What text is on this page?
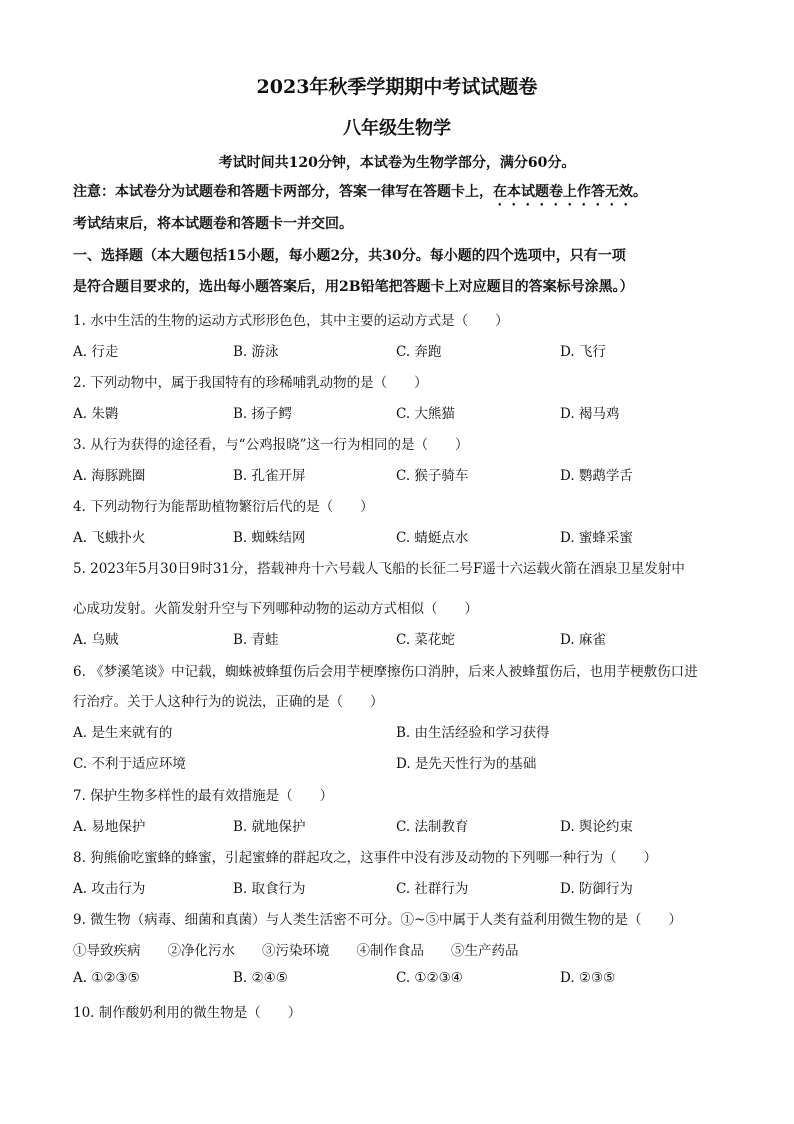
2023年秋季学期期中考试试题卷
八年级生物学
考试时间共120分钟，本试卷为生物学部分，满分60分。
注意：本试卷分为试题卷和答题卡两部分，答案一律写在答题卡上，在本试题卷上作答无效。
考试结束后，将本试题卷和答题卡一并交回。
一、选择题（本大题包括15小题，每小题2分，共30分。每小题的四个选项中，只有一项
是符合题目要求的，选出每小题答案后，用2B铅笔把答题卡上对应题目的答案标号涂黑。）
1. 水中生活的生物的运动方式形形色色，其中主要的运动方式是（　　）
A. 行走	B. 游泳	C. 奔跑	D. 飞行
2. 下列动物中，属于我国特有的珍稀哺乳动物的是（　　）
A. 朱鹮	B. 扬子鳄	C. 大熊猫	D. 褐马鸡
3. 从行为获得的途径看，与“公鸡报晓”这一行为相同的是（　　）
A. 海豚跳圈	B. 孔雀开屏	C. 猴子骑车	D. 鹦鹉学舌
4. 下列动物行为能帮助植物繁衍后代的是（　　）
A. 飞蛾扑火	B. 蜘蛛结网	C. 蜻蜓点水	D. 蜜蜂采蜜
5. 2023年5月30日9时31分，搭载神舟十六号载人飞船的长征二号F遥十六运载火箭在酒泉卫星发射中
心成功发射。火箭发射升空与下列哪种动物的运动方式相似（　　）
A. 乌贼	B. 青蛙	C. 菜花蛇	D. 麻雀
6. 《梦溪笔谈》中记载，蜘蛛被蜂蜇伤后会用芋梗摩擦伤口消肿，后来人被蜂蜇伤后，也用芋梗敷伤口进
行治疗。关于人这种行为的说法，正确的是（　　）
A. 是生来就有的	B. 由生活经验和学习获得
C. 不利于适应环境	D. 是先天性行为的基础
7. 保护生物多样性的最有效措施是（　　）
A. 易地保护	B. 就地保护	C. 法制教育	D. 舆论约束
8. 狗熊偷吃蜜蜂的蜂蜜，引起蜜蜂的群起攻之，这事件中没有涉及动物的下列哪一种行为（　　）
A. 攻击行为	B. 取食行为	C. 社群行为	D. 防御行为
9. 微生物（病毒、细菌和真菌）与人类生活密不可分。①~⑤中属于人类有益利用微生物的是（　　）
①导致疾病　　②净化污水　　③污染环境　　④制作食品　　⑤生产药品
A. ①②③⑤	B. ②④⑤	C. ①②③④	D. ②③⑤
10. 制作酸奶利用的微生物是（　　）
